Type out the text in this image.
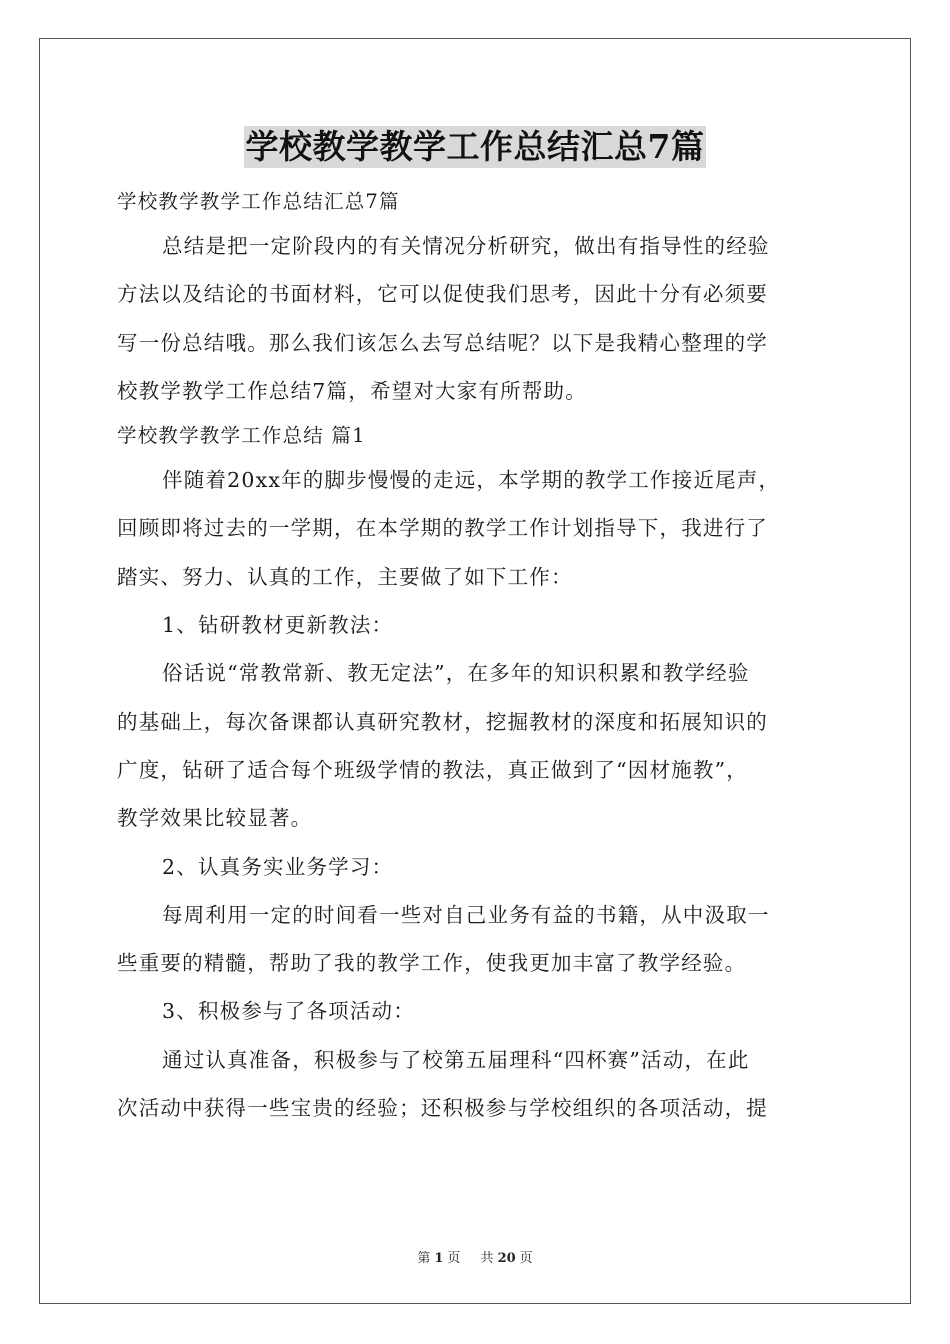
学校教学教学工作总结汇总7篇
学校教学教学工作总结汇总7篇
总结是把一定阶段内的有关情况分析研究，做出有指导性的经验
方法以及结论的书面材料，它可以促使我们思考，因此十分有必须要
写一份总结哦。那么我们该怎么去写总结呢？以下是我精心整理的学
校教学教学工作总结7篇，希望对大家有所帮助。
学校教学教学工作总结 篇1
伴随着20xx年的脚步慢慢的走远，本学期的教学工作接近尾声，
回顾即将过去的一学期，在本学期的教学工作计划指导下，我进行了
踏实、努力、认真的工作，主要做了如下工作：
1、钻研教材更新教法：
俗话说“常教常新、教无定法”，在多年的知识积累和教学经验
的基础上，每次备课都认真研究教材，挖掘教材的深度和拓展知识的
广度，钻研了适合每个班级学情的教法，真正做到了“因材施教”，
教学效果比较显著。
2、认真务实业务学习：
每周利用一定的时间看一些对自己业务有益的书籍，从中汲取一
些重要的精髓，帮助了我的教学工作，使我更加丰富了教学经验。
3、积极参与了各项活动：
通过认真准备，积极参与了校第五届理科“四杯赛”活动，在此
次活动中获得一些宝贵的经验；还积极参与学校组织的各项活动，提
第 1 页 共 20 页
